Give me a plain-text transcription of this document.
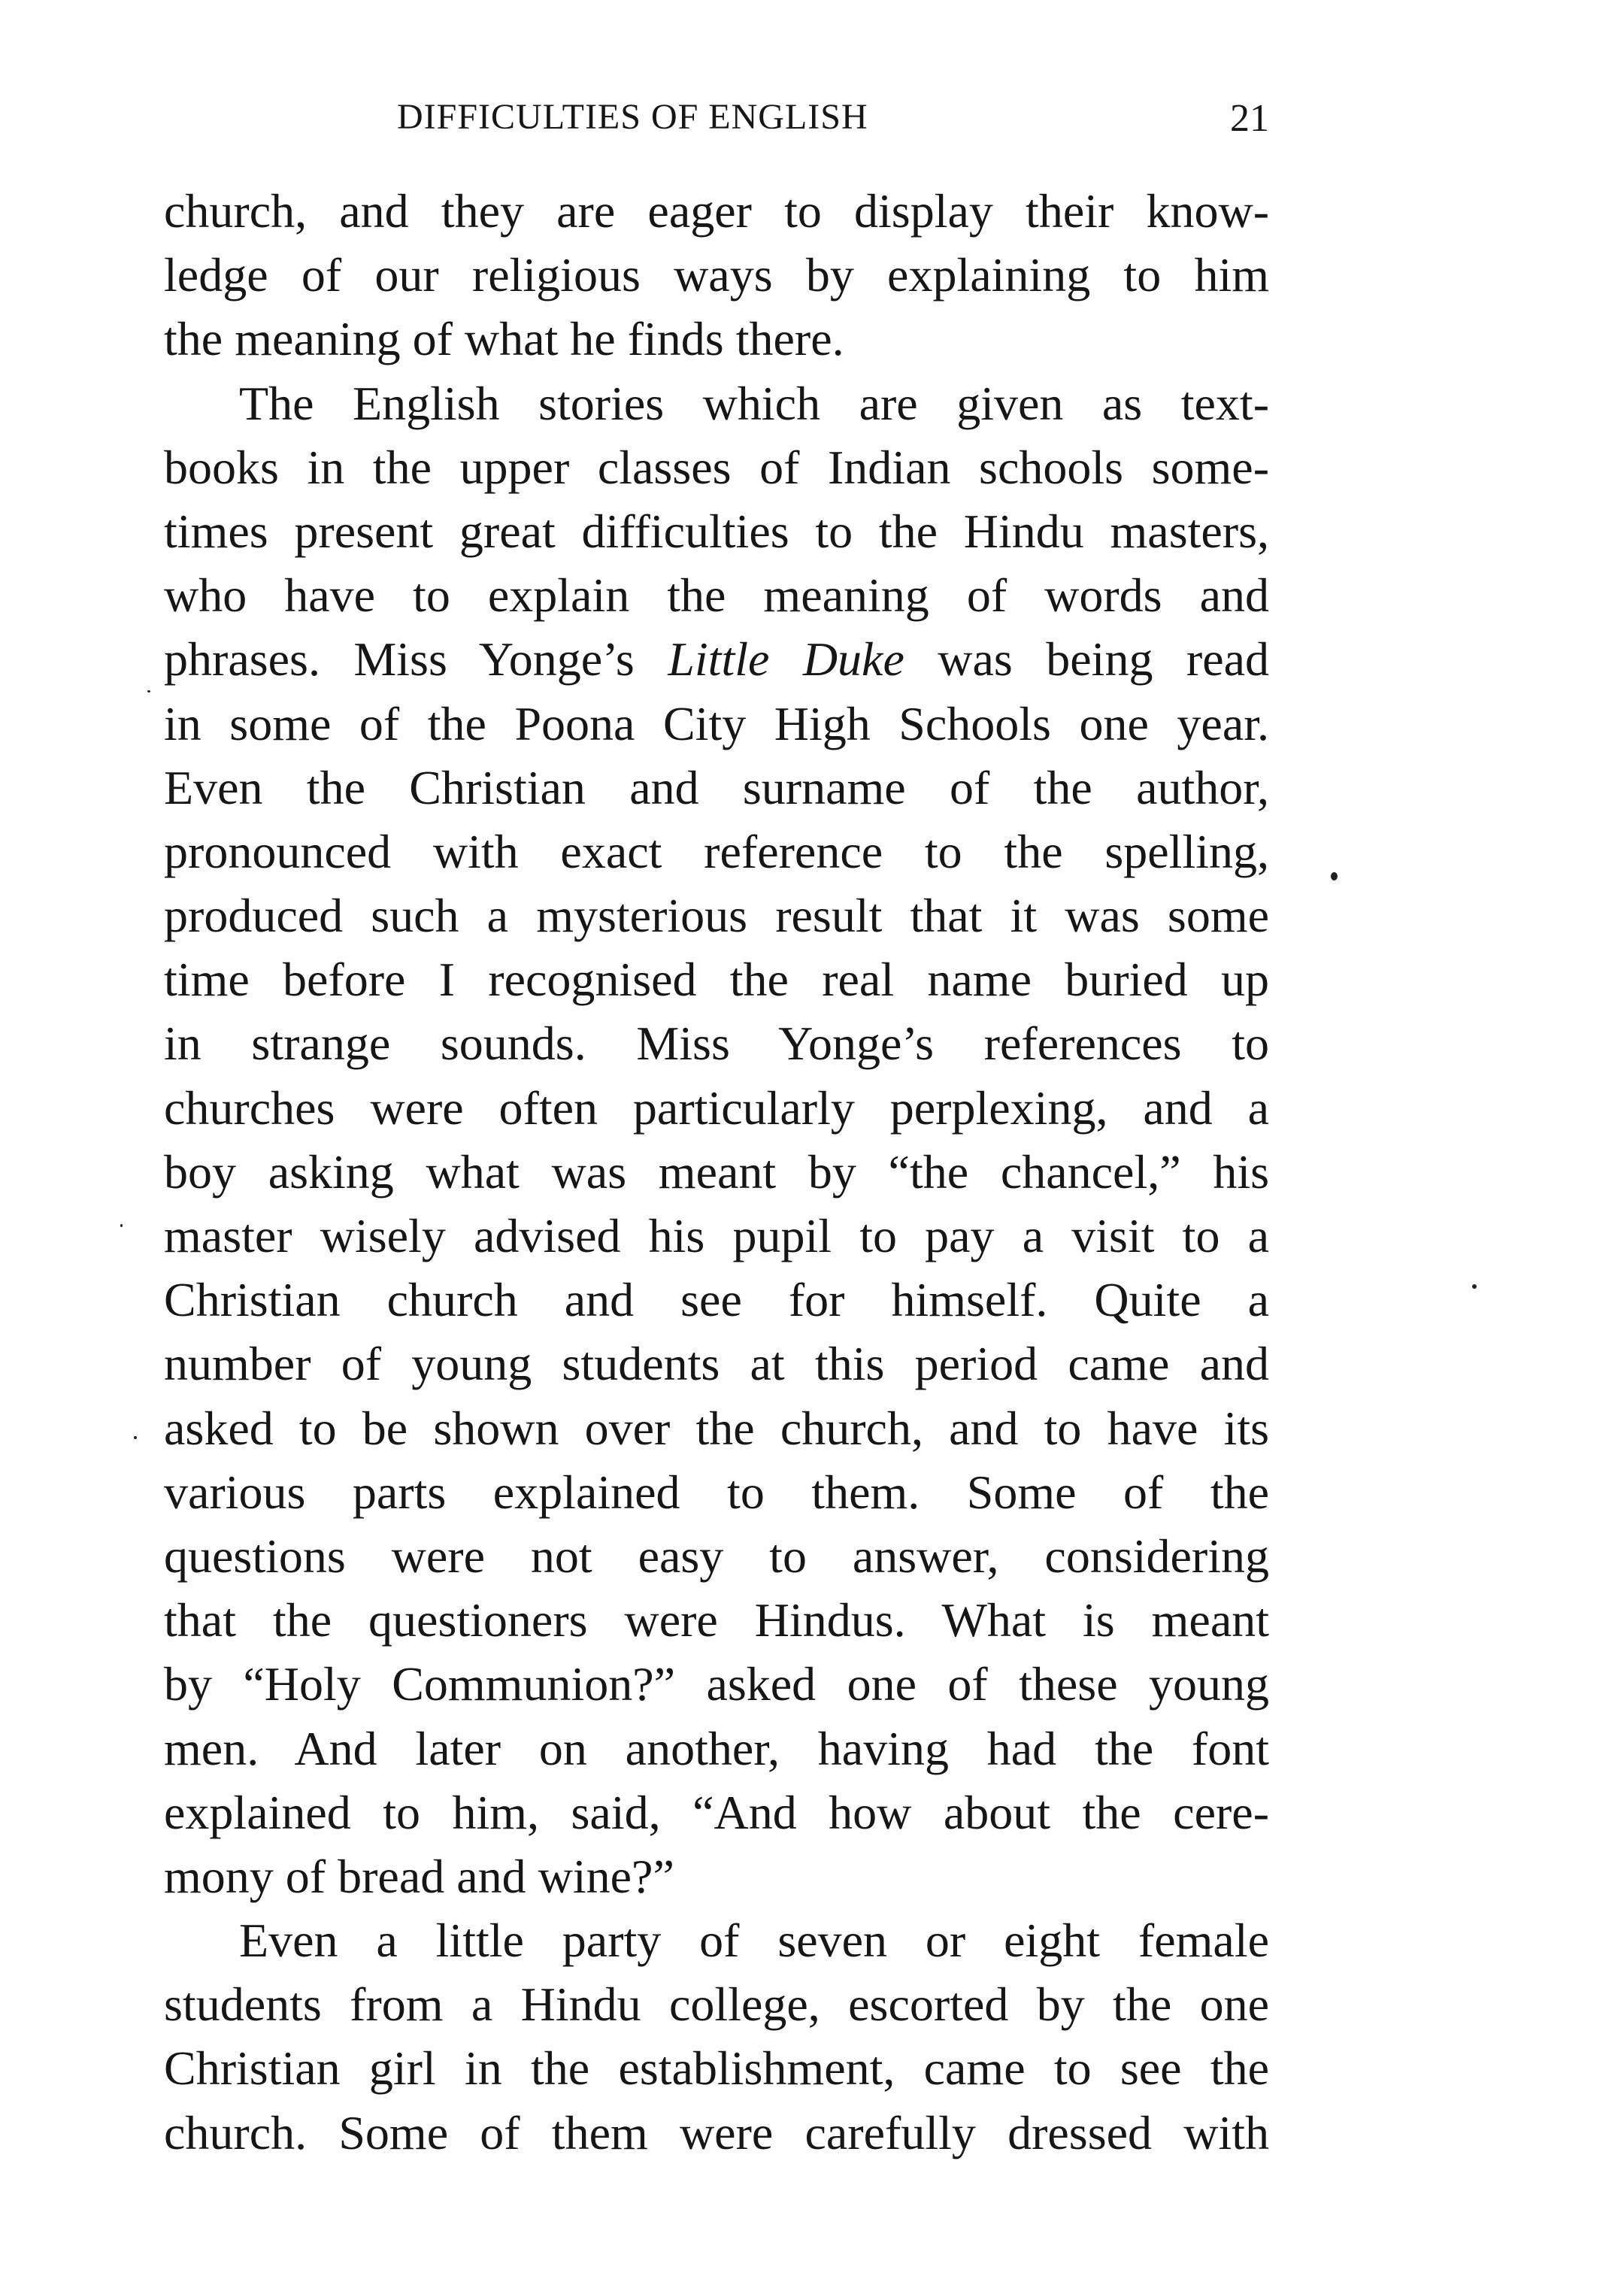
DIFFICULTIES OF ENGLISH	21
church, and they are eager to display their know-
ledge of our religious ways by explaining to him
the meaning of what he finds there.
The English stories which are given as text-
books in the upper classes of Indian schools some-
times present great difficulties to the Hindu masters,
who have to explain the meaning of words and
phrases. Miss Yonge’s Little Duke was being read
in some of the Poona City High Schools one year.
Even the Christian and surname of the author,
pronounced with exact reference to the spelling,
produced such a mysterious result that it was some
time before I recognised the real name buried up
in strange sounds. Miss Yonge’s references to
churches were often particularly perplexing, and a
boy asking what was meant by “the chancel,” his
master wisely advised his pupil to pay a visit to a
Christian church and see for himself. Quite a
number of young students at this period came and
asked to be shown over the church, and to have its
various parts explained to them. Some of the
questions were not easy to answer, considering
that the questioners were Hindus. What is meant
by “Holy Communion?” asked one of these young
men. And later on another, having had the font
explained to him, said, “And how about the cere-
mony of bread and wine?”
Even a little party of seven or eight female
students from a Hindu college, escorted by the one
Christian girl in the establishment, came to see the
church. Some of them were carefully dressed with
